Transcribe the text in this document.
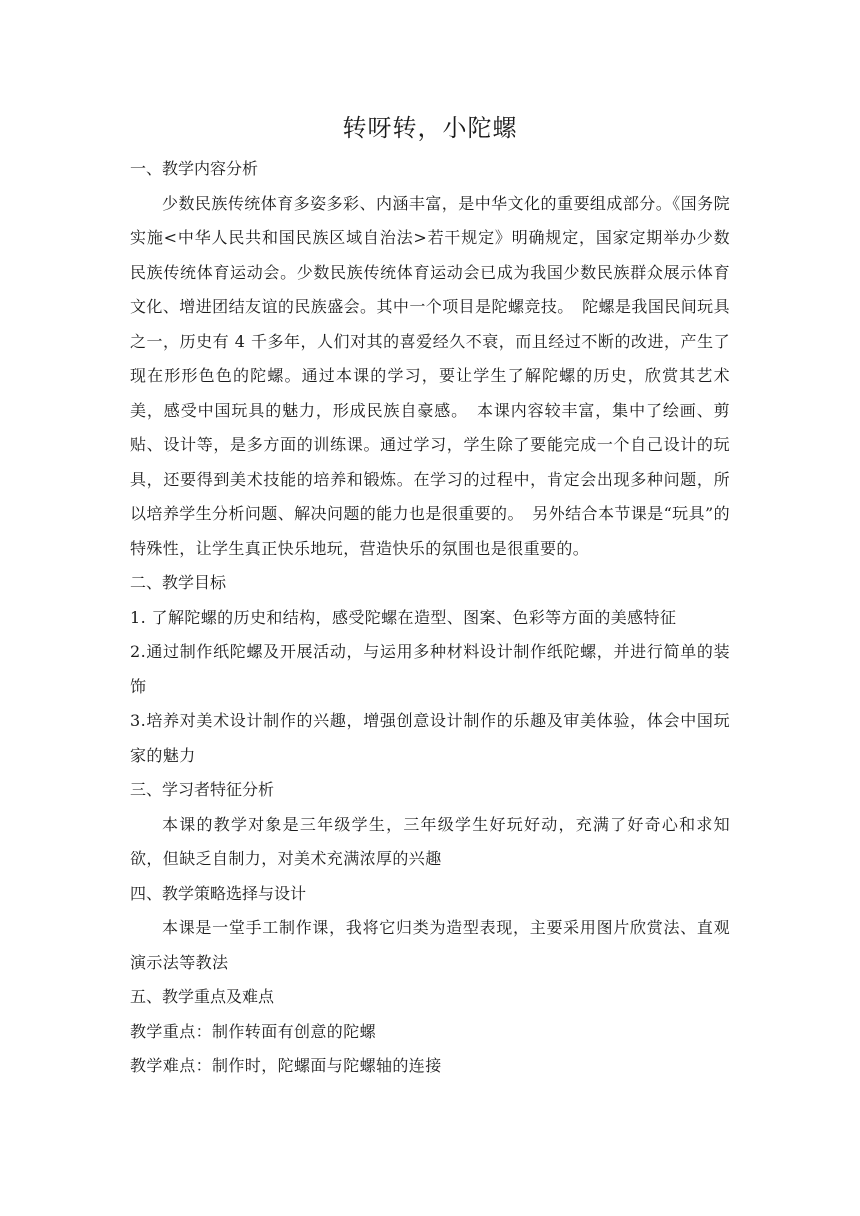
转呀转，小陀螺

一、教学内容分析

少数民族传统体育多姿多彩、内涵丰富，是中华文化的重要组成部分。《国务院实施<中华人民共和国民族区域自治法>若干规定》明确规定，国家定期举办少数民族传统体育运动会。少数民族传统体育运动会已成为我国少数民族群众展示体育文化、增进团结友谊的民族盛会。其中一个项目是陀螺竞技。　陀螺是我国民间玩具之一，历史有 4 千多年，人们对其的喜爱经久不衰，而且经过不断的改进，产生了现在形形色色的陀螺。通过本课的学习，要让学生了解陀螺的历史，欣赏其艺术美，感受中国玩具的魅力，形成民族自豪感。　本课内容较丰富，集中了绘画、剪贴、设计等，是多方面的训练课。通过学习，学生除了要能完成一个自己设计的玩具，还要得到美术技能的培养和锻炼。在学习的过程中，肯定会出现多种问题，所以培养学生分析问题、解决问题的能力也是很重要的。　另外结合本节课是“玩具”的特殊性，让学生真正快乐地玩，营造快乐的氛围也是很重要的。

二、教学目标

1. 了解陀螺的历史和结构，感受陀螺在造型、图案、色彩等方面的美感特征

2.通过制作纸陀螺及开展活动，与运用多种材料设计制作纸陀螺，并进行简单的装饰

3.培养对美术设计制作的兴趣，增强创意设计制作的乐趣及审美体验，体会中国玩家的魅力

三、学习者特征分析

本课的教学对象是三年级学生，三年级学生好玩好动，充满了好奇心和求知欲，但缺乏自制力，对美术充满浓厚的兴趣

四、教学策略选择与设计

本课是一堂手工制作课，我将它归类为造型表现，主要采用图片欣赏法、直观演示法等教法

五、教学重点及难点

教学重点：制作转面有创意的陀螺

教学难点：制作时，陀螺面与陀螺轴的连接
